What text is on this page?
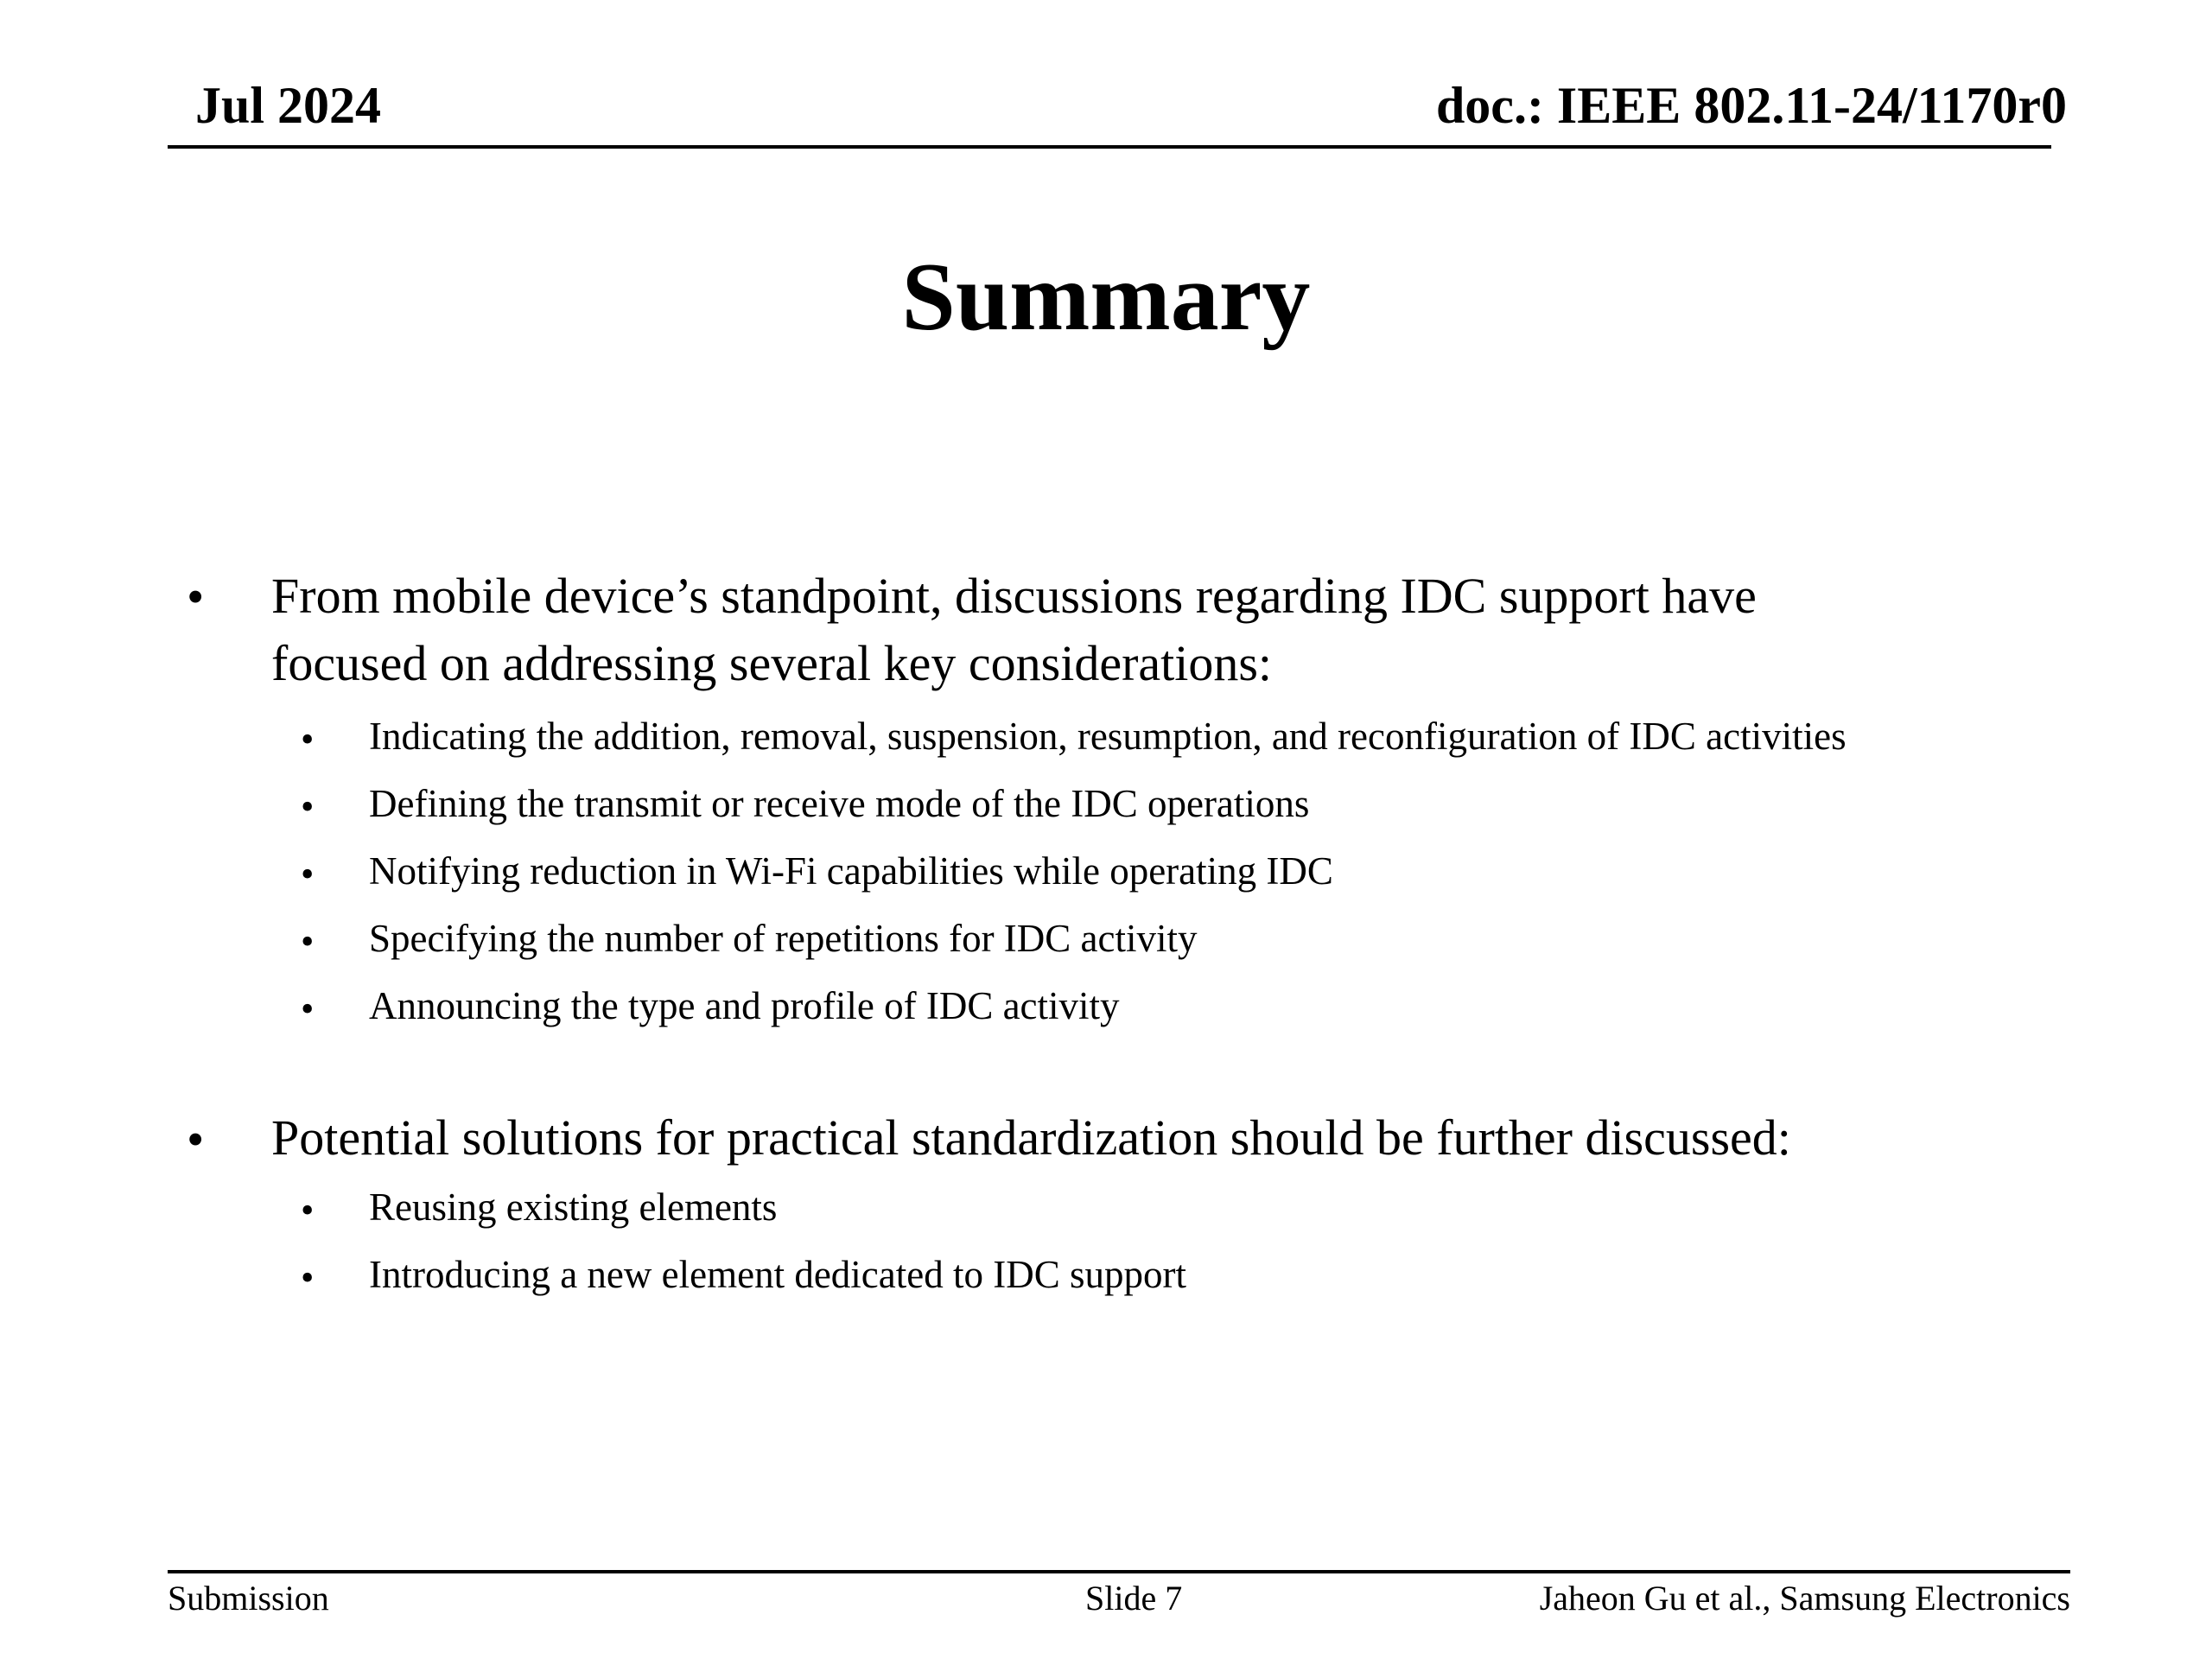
Jul 2024	doc.: IEEE 802.11-24/1170r0
Summary
• From mobile device’s standpoint, discussions regarding IDC support have
focused on addressing several key considerations:
• Indicating the addition, removal, suspension, resumption, and reconfiguration of IDC activities
• Defining the transmit or receive mode of the IDC operations
• Notifying reduction in Wi-Fi capabilities while operating IDC
• Specifying the number of repetitions for IDC activity
• Announcing the type and profile of IDC activity
• Potential solutions for practical standardization should be further discussed:
• Reusing existing elements
• Introducing a new element dedicated to IDC support
Submission	Slide 7	Jaheon Gu et al., Samsung Electronics
